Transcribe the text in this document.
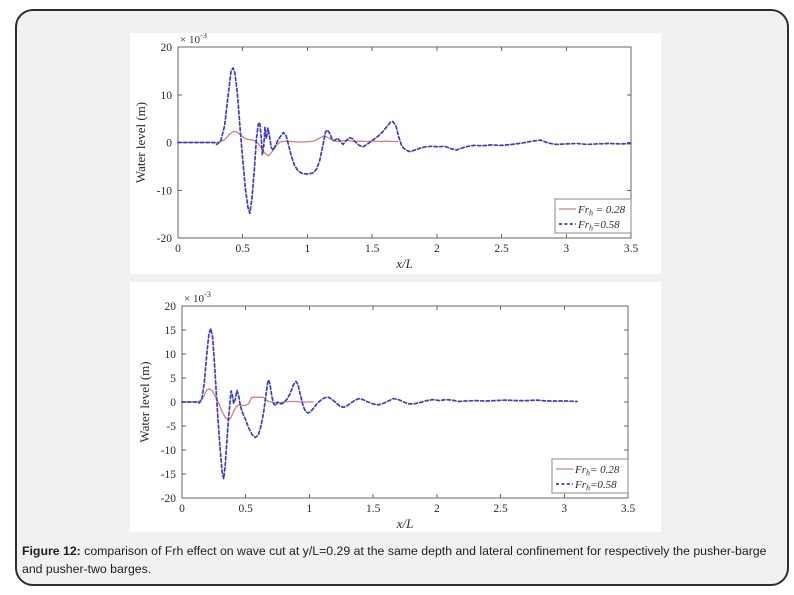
0	0.5	1	1.5	2	2.5	3	3.5
20
10
0
-10
-20
× $10^{-3}$
x/L
Water level (m)
$Fr_h = 0.28$
$Fr_h=0.58$
0	0.5	1	1.5	2	2.5	3	3.5
20
15
10
5
0
-5
-10
-15
-20
× $10^{-3}$
x/L
Water level (m)
$Fr_h= 0.28$
$Fr_h=0.58$
Figure 12: comparison of Frh effect on wave cut at y/L=0.29 at the same depth and lateral confinement for respectively the pusher-barge and pusher-two barges.
